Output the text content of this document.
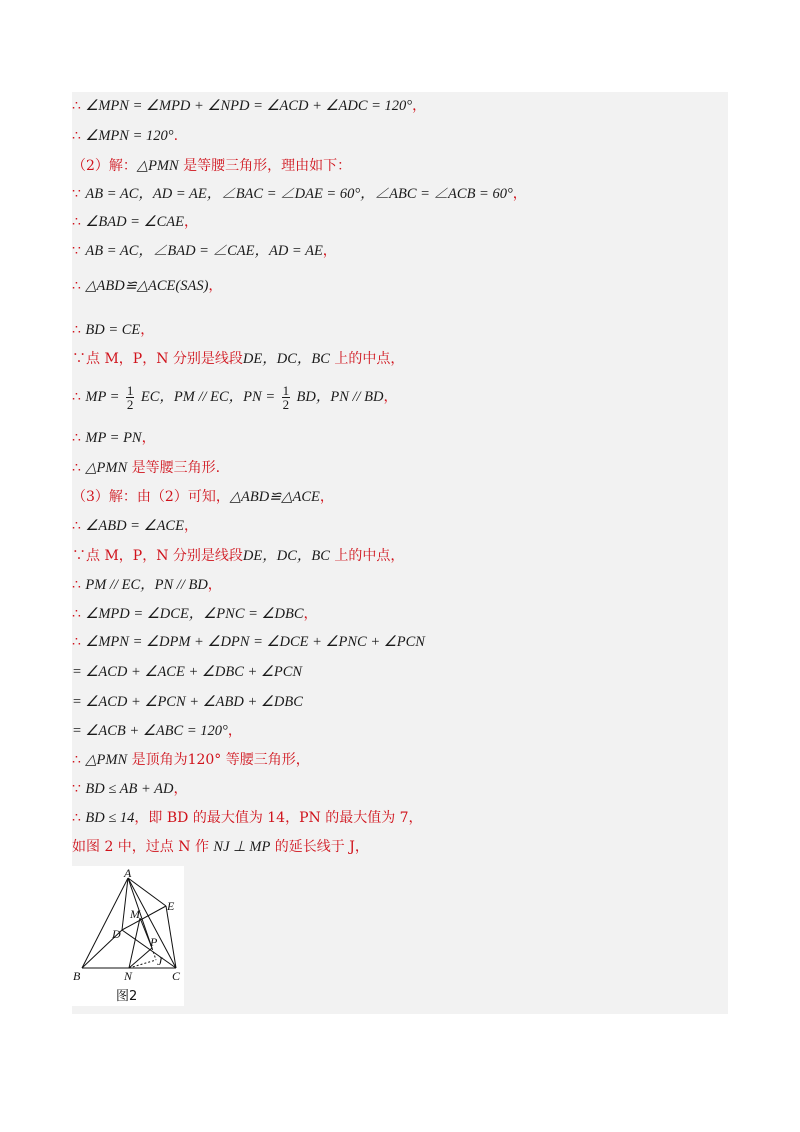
∴ ∠MPN = ∠MPD + ∠NPD = ∠ACD + ∠ADC = 120°，
∴ ∠MPN = 120°.
（2）解：△PMN 是等腰三角形，理由如下：
∵ AB = AC，AD = AE，∠BAC = ∠DAE = 60°，∠ABC = ∠ACB = 60°，
∴ ∠BAD = ∠CAE，
∵ AB = AC，∠BAD = ∠CAE，AD = AE，
∴ △ABD≌△ACE(SAS)，
∴ BD = CE，
∵点 M，P，N 分别是线段DE，DC，BC 上的中点，
∴ MP = $\frac{1}{2}$ EC，PM // EC，PN = $\frac{1}{2}$ BD，PN // BD，
∴ MP = PN，
∴ △PMN 是等腰三角形.
（3）解：由（2）可知，△ABD≌△ACE，
∴ ∠ABD = ∠ACE，
∵点 M，P，N 分别是线段DE，DC，BC 上的中点，
∴ PM // EC，PN // BD，
∴ ∠MPD = ∠DCE，∠PNC = ∠DBC，
∴ ∠MPN = ∠DPM + ∠DPN = ∠DCE + ∠PNC + ∠PCN
= ∠ACD + ∠ACE + ∠DBC + ∠PCN
= ∠ACD + ∠PCN + ∠ABD + ∠DBC
= ∠ACB + ∠ABC = 120°，
∴ △PMN 是顶角为120° 等腰三角形，
∵ BD ≤ AB + AD，
∴ BD ≤ 14，即 BD 的最大值为 14，PN 的最大值为 7，
如图 2 中，过点 N 作 NJ ⊥ MP 的延长线于 J，
A
B	C
D
E
M
N
P
J
图2
